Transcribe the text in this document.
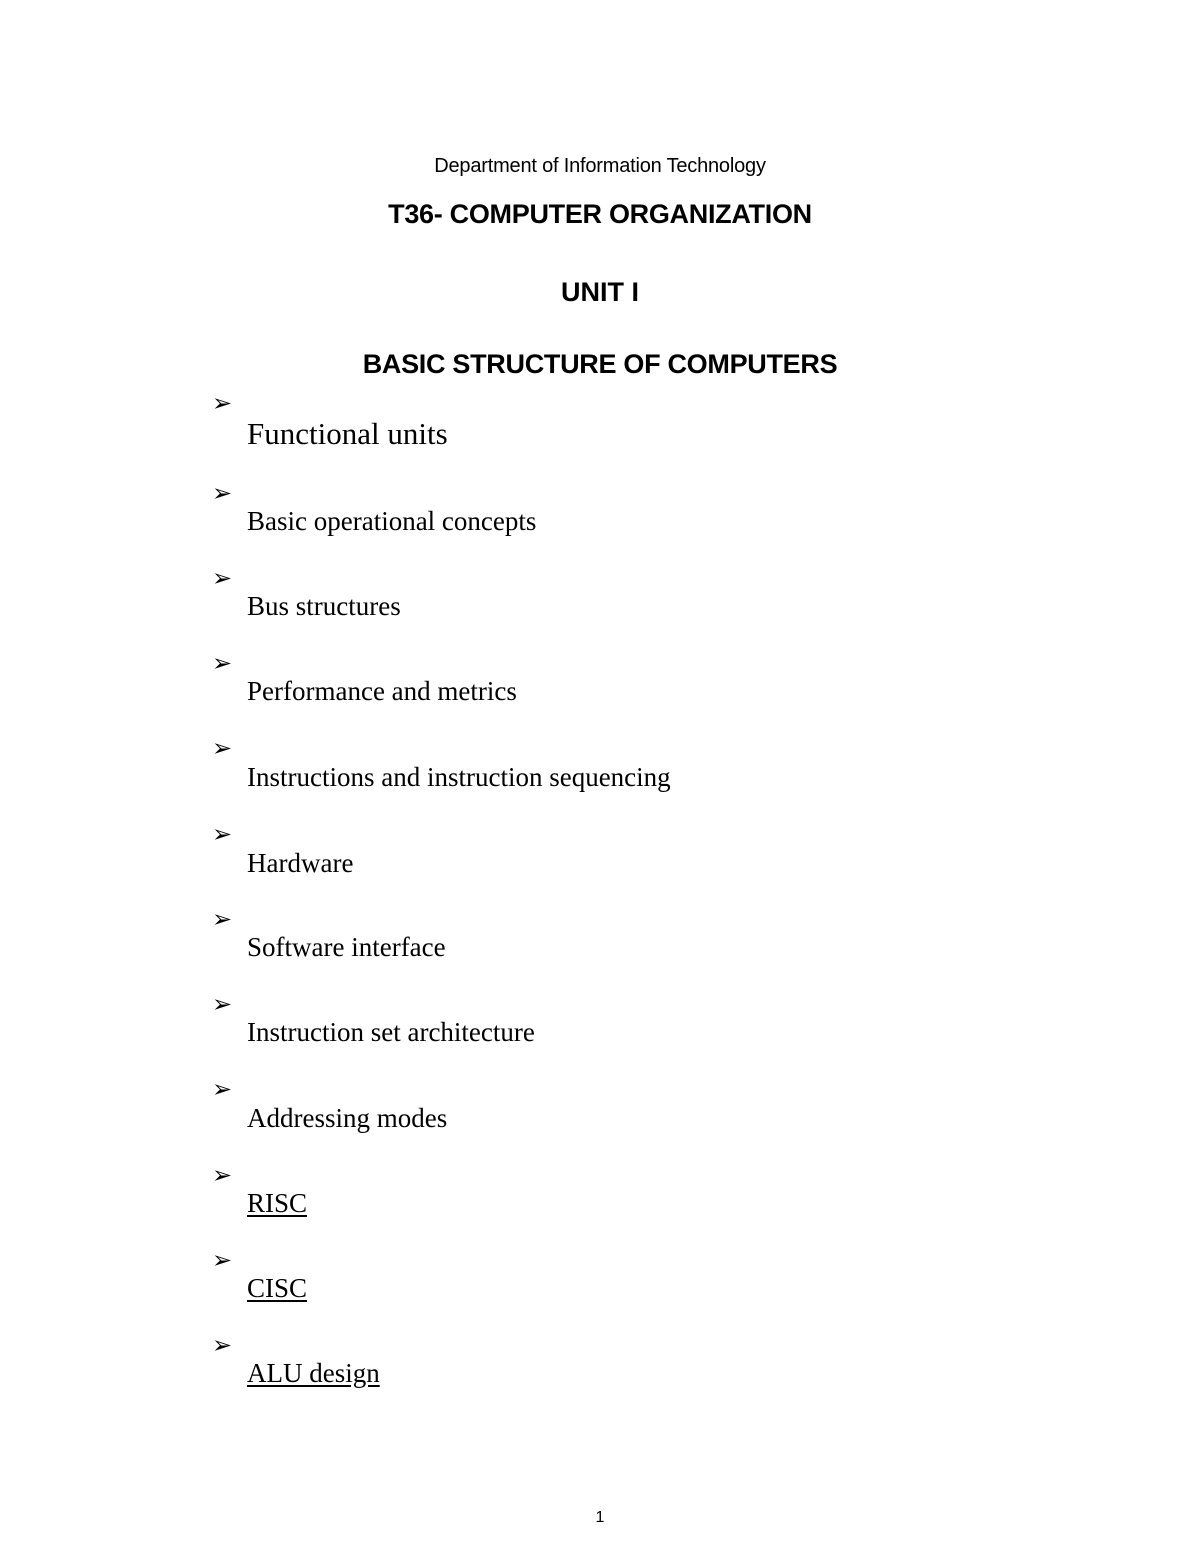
Department of Information Technology
T36- COMPUTER ORGANIZATION
UNIT I
BASIC STRUCTURE OF COMPUTERS
➢
Functional units
➢
Basic operational concepts
➢
Bus structures
➢
Performance and metrics
➢
Instructions and instruction sequencing
➢
Hardware
➢
Software interface
➢
Instruction set architecture
➢
Addressing modes
➢
RISC
➢
CISC
➢
ALU design
1
